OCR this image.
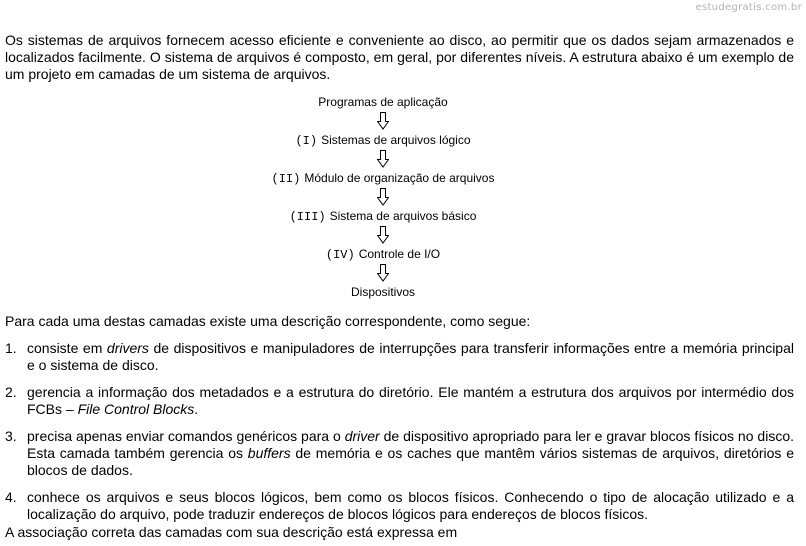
estudegratis.com.br

Os sistemas de arquivos fornecem acesso eficiente e conveniente ao disco, ao permitir que os dados sejam armazenados e localizados facilmente. O sistema de arquivos é composto, em geral, por diferentes níveis. A estrutura abaixo é um exemplo de um projeto em camadas de um sistema de arquivos.

Programas de aplicação
(I) Sistemas de arquivos lógico
(II) Módulo de organização de arquivos
(III) Sistema de arquivos básico
(IV) Controle de I/O
Dispositivos

Para cada uma destas camadas existe uma descrição correspondente, como segue:

1. consiste em drivers de dispositivos e manipuladores de interrupções para transferir informações entre a memória principal e o sistema de disco.
2. gerencia a informação dos metadados e a estrutura do diretório. Ele mantém a estrutura dos arquivos por intermédio dos FCBs – File Control Blocks.
3. precisa apenas enviar comandos genéricos para o driver de dispositivo apropriado para ler e gravar blocos físicos no disco. Esta camada também gerencia os buffers de memória e os caches que mantêm vários sistemas de arquivos, diretórios e blocos de dados.
4. conhece os arquivos e seus blocos lógicos, bem como os blocos físicos. Conhecendo o tipo de alocação utilizado e a localização do arquivo, pode traduzir endereços de blocos lógicos para endereços de blocos físicos.

A associação correta das camadas com sua descrição está expressa em
